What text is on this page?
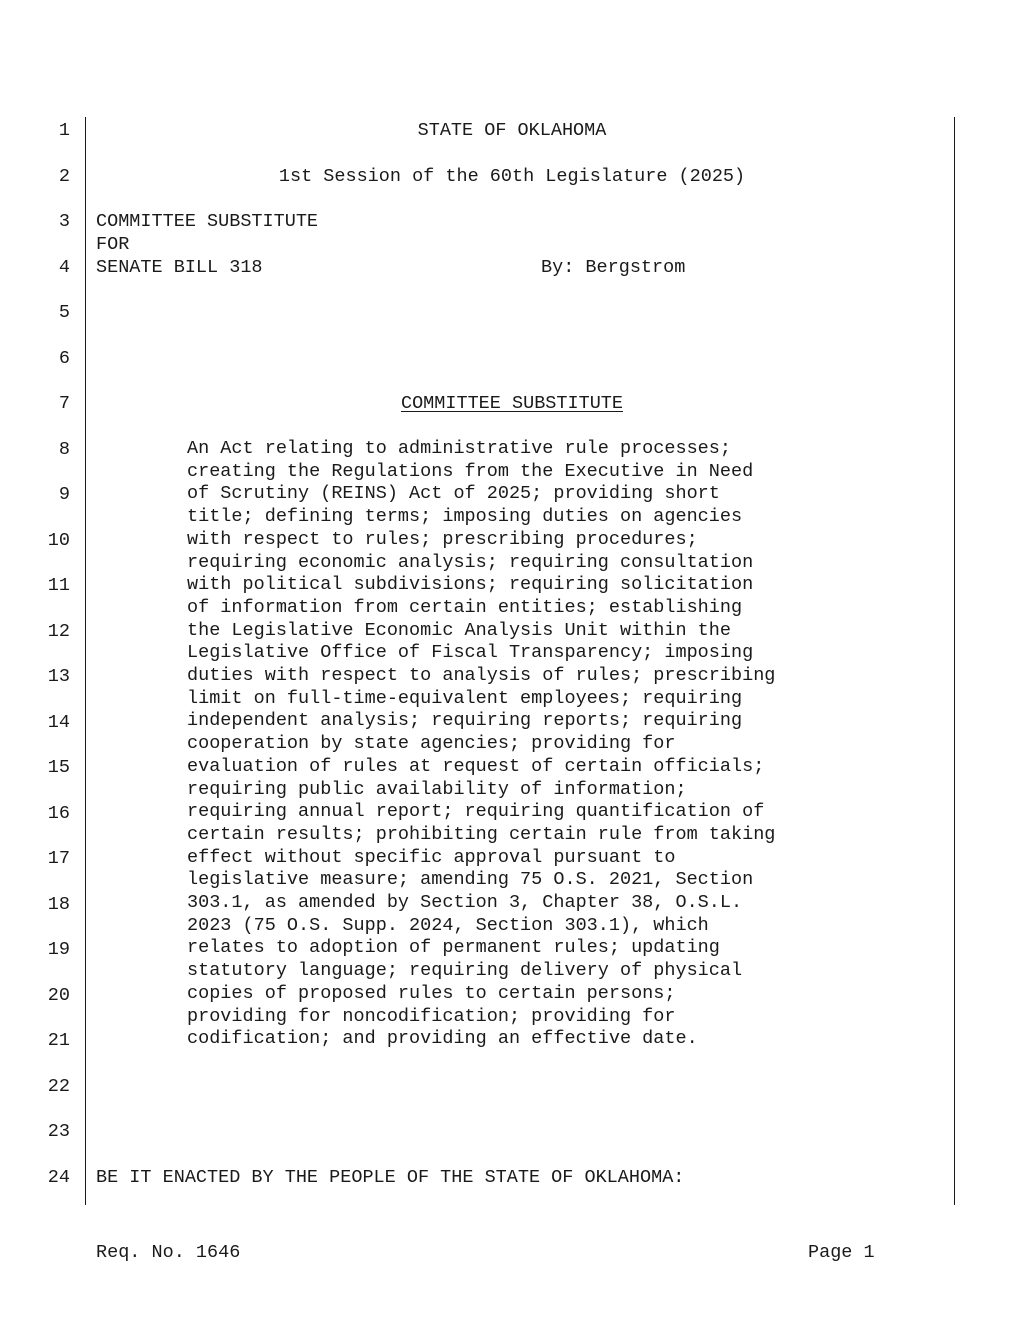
1
2
3
4
5
6
7
8
9
10
11
12
13
14
15
16
17
18
19
20
21
22
23
24
STATE OF OKLAHOMA
1st Session of the 60th Legislature (2025)
COMMITTEE SUBSTITUTE
FOR
SENATE BILL 318	By: Bergstrom
COMMITTEE SUBSTITUTE
An Act relating to administrative rule processes;
creating the Regulations from the Executive in Need
of Scrutiny (REINS) Act of 2025; providing short
title; defining terms; imposing duties on agencies
with respect to rules; prescribing procedures;
requiring economic analysis; requiring consultation
with political subdivisions; requiring solicitation
of information from certain entities; establishing
the Legislative Economic Analysis Unit within the
Legislative Office of Fiscal Transparency; imposing
duties with respect to analysis of rules; prescribing
limit on full-time-equivalent employees; requiring
independent analysis; requiring reports; requiring
cooperation by state agencies; providing for
evaluation of rules at request of certain officials;
requiring public availability of information;
requiring annual report; requiring quantification of
certain results; prohibiting certain rule from taking
effect without specific approval pursuant to
legislative measure; amending 75 O.S. 2021, Section
303.1, as amended by Section 3, Chapter 38, O.S.L.
2023 (75 O.S. Supp. 2024, Section 303.1), which
relates to adoption of permanent rules; updating
statutory language; requiring delivery of physical
copies of proposed rules to certain persons;
providing for noncodification; providing for
codification; and providing an effective date.
BE IT ENACTED BY THE PEOPLE OF THE STATE OF OKLAHOMA:
Req. No. 1646	Page 1
